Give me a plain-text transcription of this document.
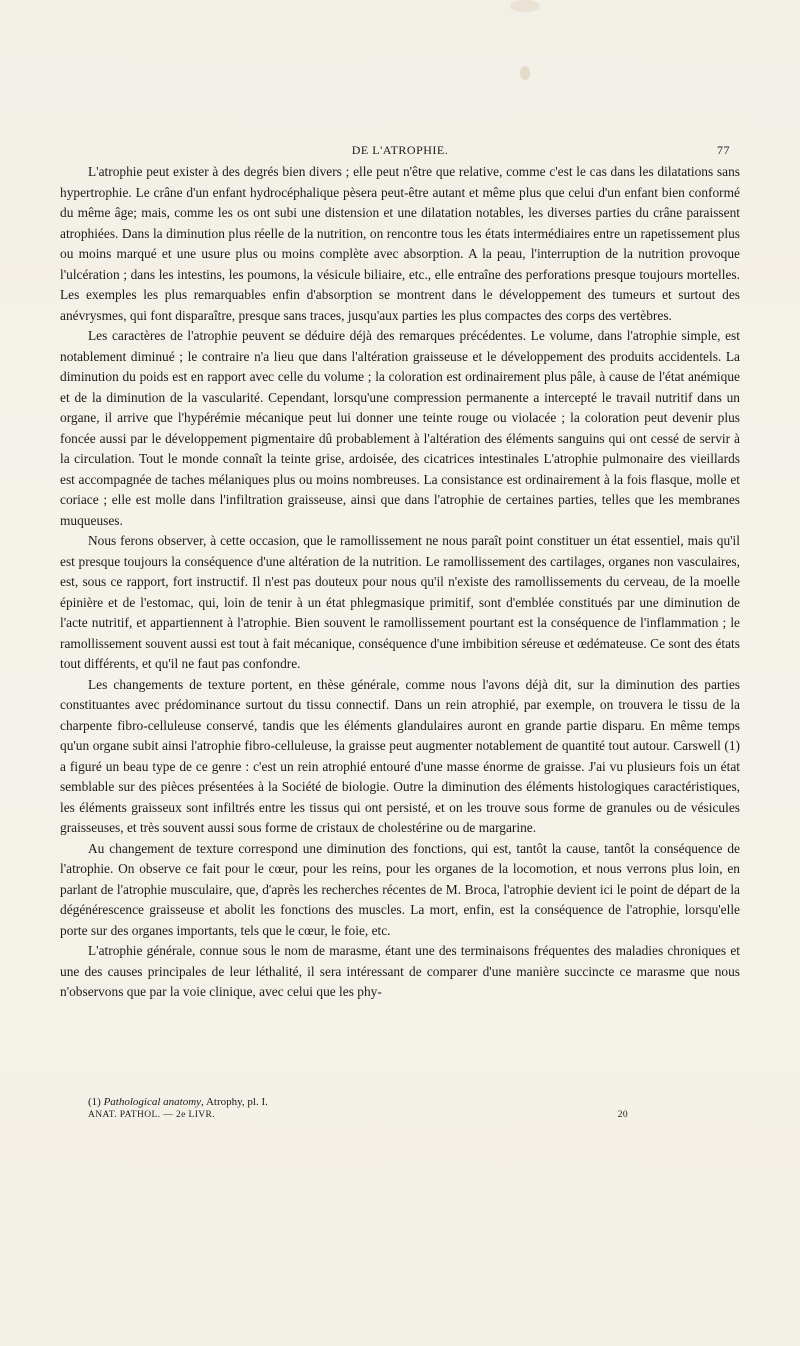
DE L'ATROPHIE.	77

L'atrophie peut exister à des degrés bien divers ; elle peut n'être que relative, comme c'est le cas dans les dilatations sans hypertrophie. Le crâne d'un enfant hydrocéphalique pèsera peut-être autant et même plus que celui d'un enfant bien conformé du même âge; mais, comme les os ont subi une distension et une dilatation notables, les diverses parties du crâne paraissent atrophiées. Dans la diminution plus réelle de la nutrition, on rencontre tous les états intermédiaires entre un rapetissement plus ou moins marqué et une usure plus ou moins complète avec absorption. A la peau, l'interruption de la nutrition provoque l'ulcération ; dans les intestins, les poumons, la vésicule biliaire, etc., elle entraîne des perforations presque toujours mortelles. Les exemples les plus remarquables enfin d'absorption se montrent dans le développement des tumeurs et surtout des anévrysmes, qui font disparaître, presque sans traces, jusqu'aux parties les plus compactes des corps des vertèbres.

Les caractères de l'atrophie peuvent se déduire déjà des remarques précédentes. Le volume, dans l'atrophie simple, est notablement diminué ; le contraire n'a lieu que dans l'altération graisseuse et le développement des produits accidentels. La diminution du poids est en rapport avec celle du volume ; la coloration est ordinairement plus pâle, à cause de l'état anémique et de la diminution de la vascularité. Cependant, lorsqu'une compression permanente a intercepté le travail nutritif dans un organe, il arrive que l'hypérémie mécanique peut lui donner une teinte rouge ou violacée ; la coloration peut devenir plus foncée aussi par le développement pigmentaire dû probablement à l'altération des éléments sanguins qui ont cessé de servir à la circulation. Tout le monde connaît la teinte grise, ardoisée, des cicatrices intestinales L'atrophie pulmonaire des vieillards est accompagnée de taches mélaniques plus ou moins nombreuses. La consistance est ordinairement à la fois flasque, molle et coriace ; elle est molle dans l'infiltration graisseuse, ainsi que dans l'atrophie de certaines parties, telles que les membranes muqueuses.

Nous ferons observer, à cette occasion, que le ramollissement ne nous paraît point constituer un état essentiel, mais qu'il est presque toujours la conséquence d'une altération de la nutrition. Le ramollissement des cartilages, organes non vasculaires, est, sous ce rapport, fort instructif. Il n'est pas douteux pour nous qu'il n'existe des ramollissements du cerveau, de la moelle épinière et de l'estomac, qui, loin de tenir à un état phlegmasique primitif, sont d'emblée constitués par une diminution de l'acte nutritif, et appartiennent à l'atrophie. Bien souvent le ramollissement pourtant est la conséquence de l'inflammation ; le ramollissement souvent aussi est tout à fait mécanique, conséquence d'une imbibition séreuse et œdémateuse. Ce sont des états tout différents, et qu'il ne faut pas confondre.

Les changements de texture portent, en thèse générale, comme nous l'avons déjà dit, sur la diminution des parties constituantes avec prédominance surtout du tissu connectif. Dans un rein atrophié, par exemple, on trouvera le tissu de la charpente fibro-celluleuse conservé, tandis que les éléments glandulaires auront en grande partie disparu. En même temps qu'un organe subit ainsi l'atrophie fibro-celluleuse, la graisse peut augmenter notablement de quantité tout autour. Carswell (1) a figuré un beau type de ce genre : c'est un rein atrophié entouré d'une masse énorme de graisse. J'ai vu plusieurs fois un état semblable sur des pièces présentées à la Société de biologie. Outre la diminution des éléments histologiques caractéristiques, les éléments graisseux sont infiltrés entre les tissus qui ont persisté, et on les trouve sous forme de granules ou de vésicules graisseuses, et très souvent aussi sous forme de cristaux de cholestérine ou de margarine.

Au changement de texture correspond une diminution des fonctions, qui est, tantôt la cause, tantôt la conséquence de l'atrophie. On observe ce fait pour le cœur, pour les reins, pour les organes de la locomotion, et nous verrons plus loin, en parlant de l'atrophie musculaire, que, d'après les recherches récentes de M. Broca, l'atrophie devient ici le point de départ de la dégénérescence graisseuse et abolit les fonctions des muscles. La mort, enfin, est la conséquence de l'atrophie, lorsqu'elle porte sur des organes importants, tels que le cœur, le foie, etc.

L'atrophie générale, connue sous le nom de marasme, étant une des terminaisons fréquentes des maladies chroniques et une des causes principales de leur léthalité, il sera intéressant de comparer d'une manière succincte ce marasme que nous n'observons que par la voie clinique, avec celui que les phy-

(1) Pathological anatomy, Atrophy, pl. I.
ANAT. PATHOL. — 2e LIVR.	20
